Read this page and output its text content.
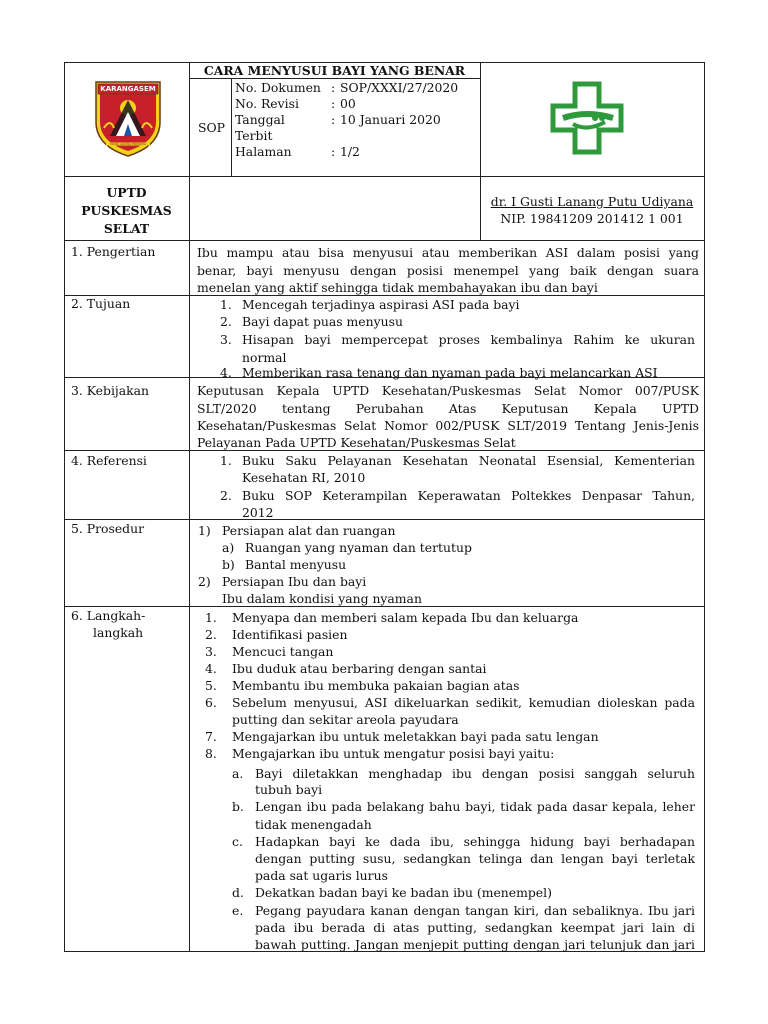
KARANGASEM
MAHA AGUNG PRATAMA
CARA MENYUSUI BAYI YANG BENAR
SOP
No. Dokumen : SOP/XXXI/27/2020
No. Revisi	: 00
Tanggal	: 10 Januari 2020
Terbit
Halaman	: 1/2
UPTD
PUSKESMAS
SELAT
dr. I Gusti Lanang Putu Udiyana
NIP. 19841209 201412 1 001
1. Pengertian	Ibu mampu atau bisa menyusui atau memberikan ASI dalam posisi yang
benar, bayi menyusu dengan posisi menempel yang baik dengan suara
menelan yang aktif sehingga tidak membahayakan ibu dan bayi
2. Tujuan	1. Mencegah terjadinya aspirasi ASI pada bayi
2. Bayi dapat puas menyusu
3. Hisapan bayi mempercepat proses kembalinya Rahim ke ukuran
normal
4. Memberikan rasa tenang dan nyaman pada bayi melancarkan ASI
3. Kebijakan	Keputusan Kepala UPTD Kesehatan/Puskesmas Selat Nomor 007/PUSK
SLT/2020 tentang Perubahan Atas Keputusan Kepala UPTD
Kesehatan/Puskesmas Selat Nomor 002/PUSK SLT/2019 Tentang Jenis-Jenis
Pelayanan Pada UPTD Kesehatan/Puskesmas Selat
4. Referensi	1. Buku Saku Pelayanan Kesehatan Neonatal Esensial, Kementerian
Kesehatan RI, 2010
2. Buku SOP Keterampilan Keperawatan Poltekkes Denpasar Tahun,
2012
5. Prosedur	1) Persiapan alat dan ruangan
a) Ruangan yang nyaman dan tertutup
b) Bantal menyusu
2) Persiapan Ibu dan bayi
Ibu dalam kondisi yang nyaman
6. Langkah-
langkah
1. Menyapa dan memberi salam kepada Ibu dan keluarga
2. Identifikasi pasien
3. Mencuci tangan
4. Ibu duduk atau berbaring dengan santai
5. Membantu ibu membuka pakaian bagian atas
6. Sebelum menyusui, ASI dikeluarkan sedikit, kemudian dioleskan pada
putting dan sekitar areola payudara
7. Mengajarkan ibu untuk meletakkan bayi pada satu lengan
8. Mengajarkan ibu untuk mengatur posisi bayi yaitu:
a. Bayi diletakkan menghadap ibu dengan posisi sanggah seluruh
tubuh bayi
b. Lengan ibu pada belakang bahu bayi, tidak pada dasar kepala, leher
tidak menengadah
c. Hadapkan bayi ke dada ibu, sehingga hidung bayi berhadapan
dengan putting susu, sedangkan telinga dan lengan bayi terletak
pada sat ugaris lurus
d. Dekatkan badan bayi ke badan ibu (menempel)
e. Pegang payudara kanan dengan tangan kiri, dan sebaliknya. Ibu jari
pada ibu berada di atas putting, sedangkan keempat jari lain di
bawah putting. Jangan menjepit putting dengan jari telunjuk dan jari
